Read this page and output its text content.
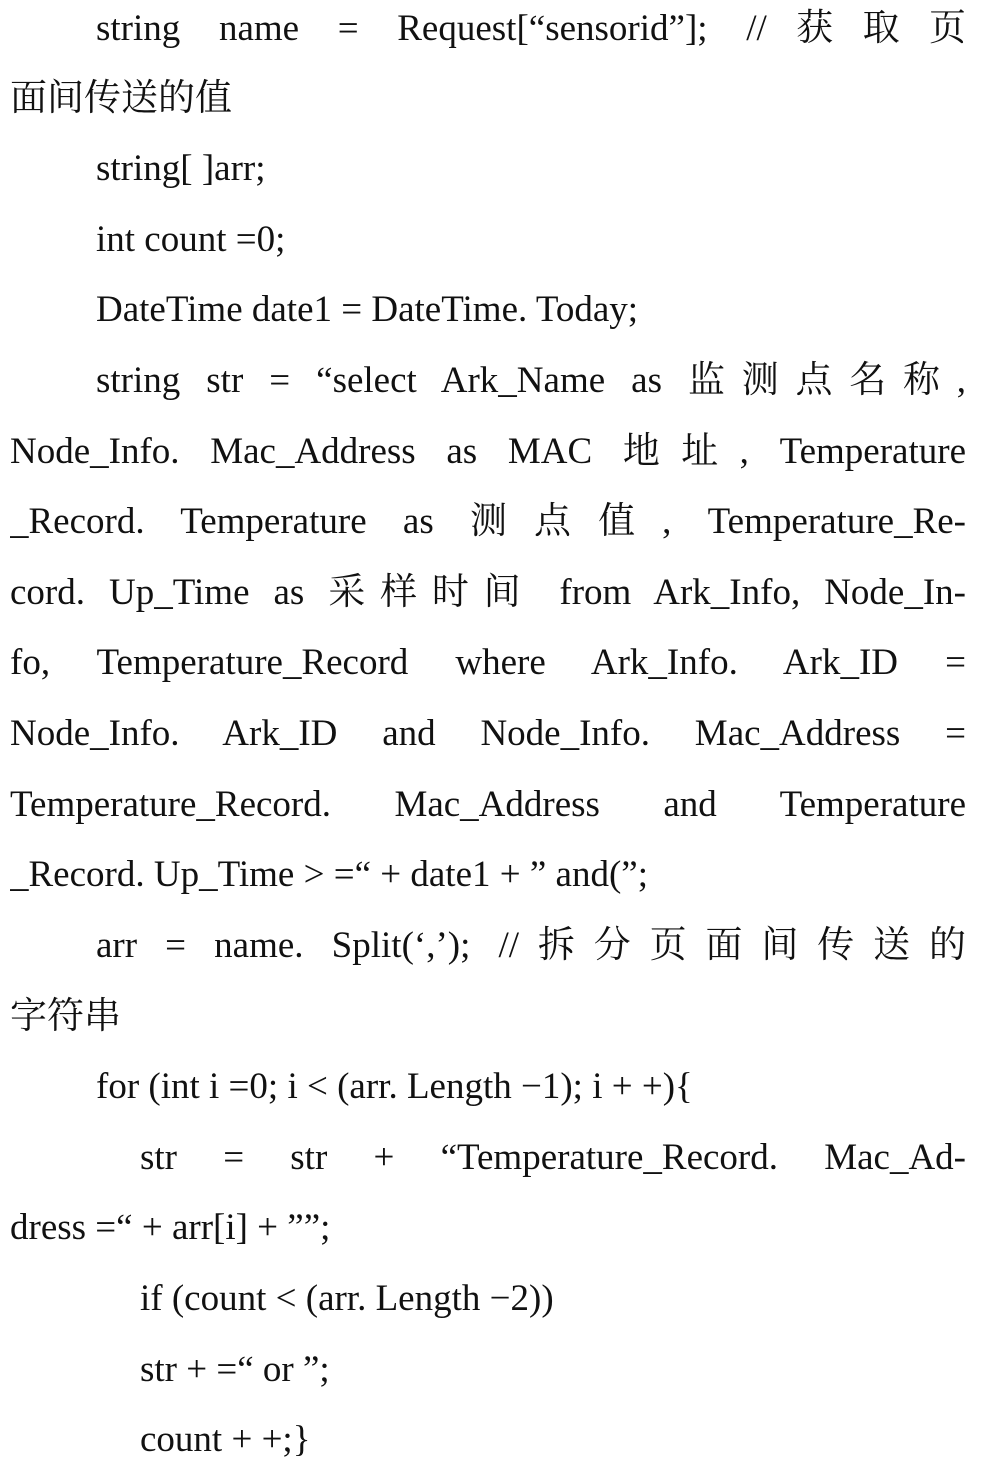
string name = Request[“sensorid”]; //获取页
面间传送的值
string[ ]arr;
int count =0;
DateTime date1 = DateTime. Today;
string str = “select Ark_Name as 监测点名称,
Node_Info. Mac_Address as MAC 地址, Temperature
_Record. Temperature as 测点值, Temperature_Re-
cord. Up_Time as 采样时间 from Ark_Info, Node_In-
fo, Temperature_Record where Ark_Info. Ark_ID =
Node_Info. Ark_ID and Node_Info. Mac_Address =
Temperature_Record. Mac_Address and Temperature
_Record. Up_Time > =“ + date1 + ” and(”;
arr = name. Split(‘,’); //拆分页面间传送的
字符串
for (int i =0; i < (arr. Length −1); i + +){
str = str + “Temperature_Record. Mac_Ad-
dress =“ + arr[i] + ””;
if (count < (arr. Length −2))
str + =“ or ”;
count + +;}
